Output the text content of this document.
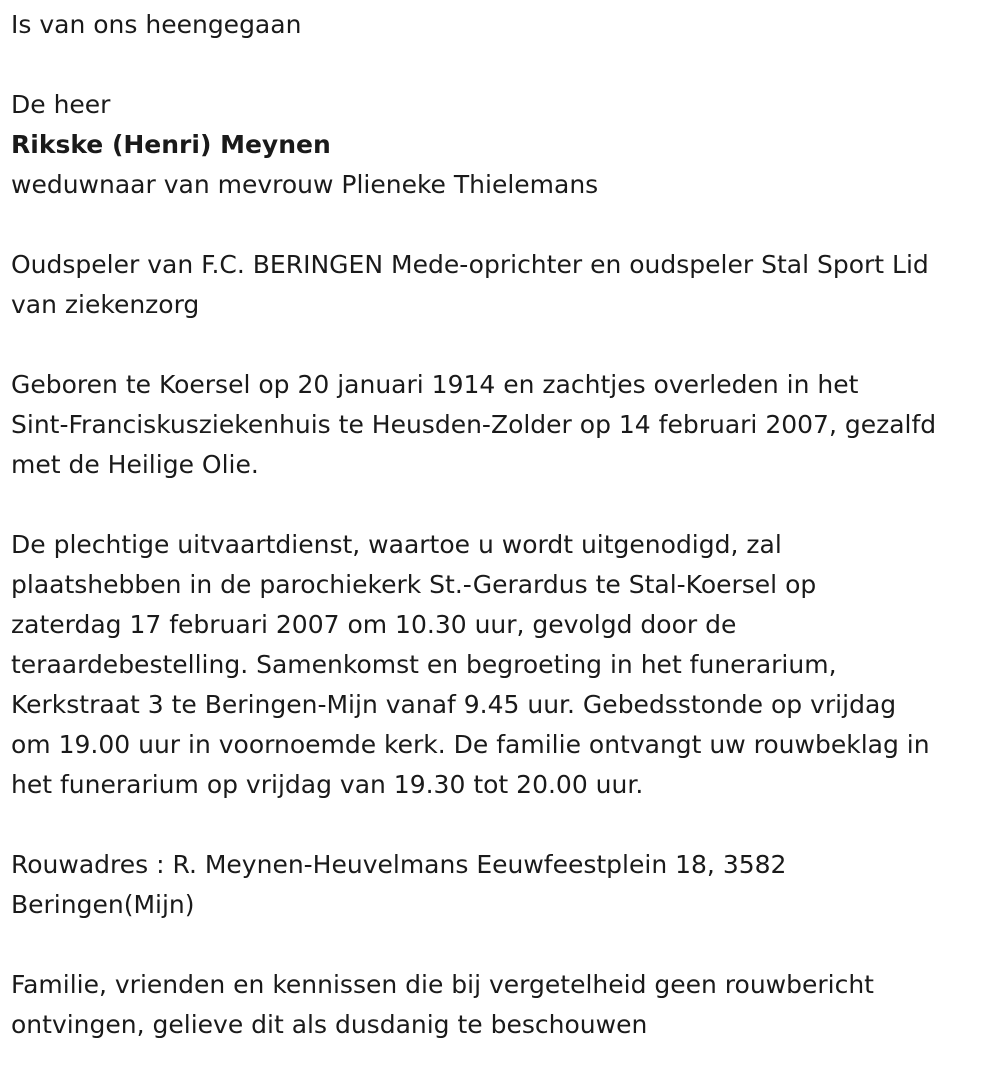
Is van ons heengegaan

De heer

Rikske (Henri) Meynen

weduwnaar van mevrouw Plieneke Thielemans

Oudspeler van F.C. BERINGEN Mede-oprichter en oudspeler Stal Sport Lid

van ziekenzorg

Geboren te Koersel op 20 januari 1914 en zachtjes overleden in het

Sint-Franciskusziekenhuis te Heusden-Zolder op 14 februari 2007, gezalfd

met de Heilige Olie.

De plechtige uitvaartdienst, waartoe u wordt uitgenodigd, zal

plaatshebben in de parochiekerk St.-Gerardus te Stal-Koersel op

zaterdag 17 februari 2007 om 10.30 uur, gevolgd door de

teraardebestelling. Samenkomst en begroeting in het funerarium,

Kerkstraat 3 te Beringen-Mijn vanaf 9.45 uur. Gebedsstonde op vrijdag

om 19.00 uur in voornoemde kerk. De familie ontvangt uw rouwbeklag in

het funerarium op vrijdag van 19.30 tot 20.00 uur.

Rouwadres : R. Meynen-Heuvelmans Eeuwfeestplein 18, 3582

Beringen(Mijn)

Familie, vrienden en kennissen die bij vergetelheid geen rouwbericht

ontvingen, gelieve dit als dusdanig te beschouwen
